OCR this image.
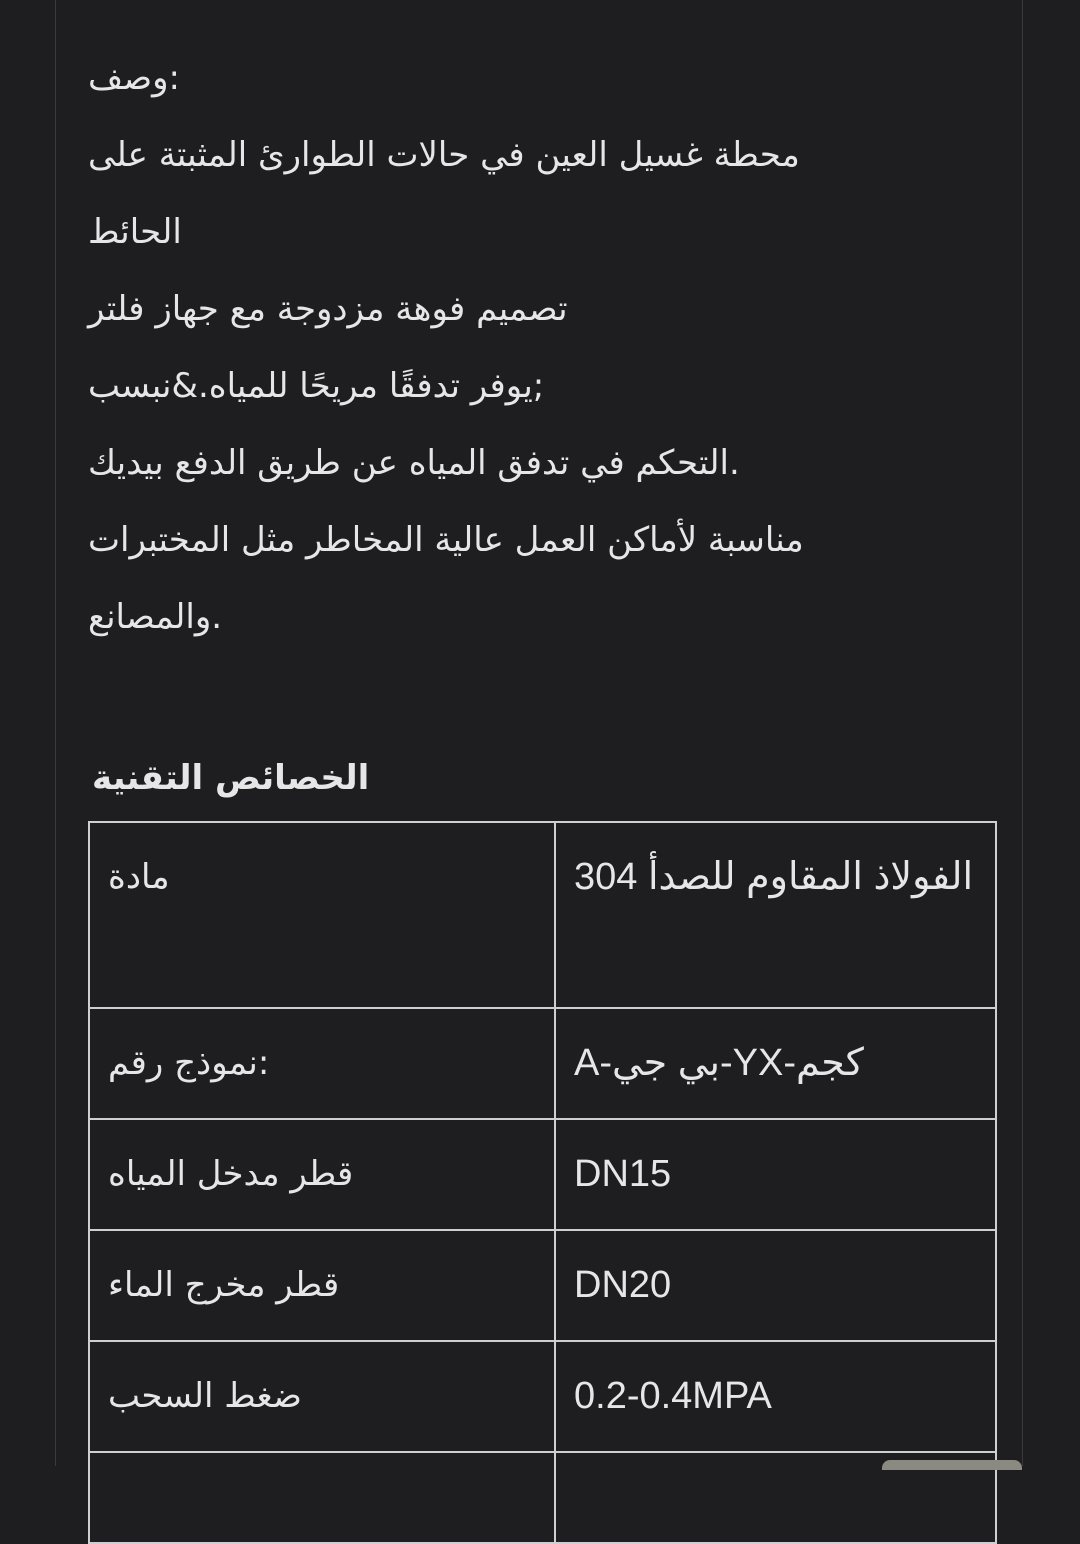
:وصف
محطة غسيل العين في حالات الطوارئ المثبتة على
الحائط
تصميم فوهة مزدوجة مع جهاز فلتر
;يوفر تدفقًا مريحًا للمياه.&نبسب
.التحكم في تدفق المياه عن طريق الدفع بيديك
مناسبة لأماكن العمل عالية المخاطر مثل المختبرات
.والمصانع
الخصائص التقنية
مادة	الفولاذ المقاوم للصدأ 304
:نموذج رقم	A-بي جي-YX-كجم
قطر مدخل المياه	DN15
قطر مخرج الماء	DN20
ضغط السحب	0.2-0.4MPA
